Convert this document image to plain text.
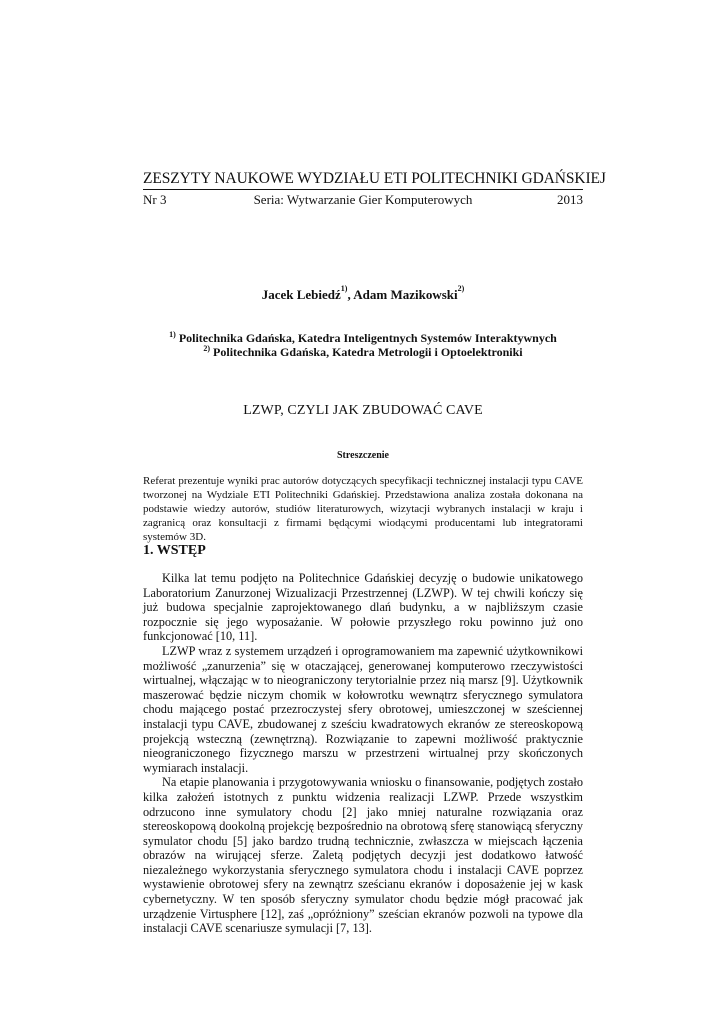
ZESZYTY NAUKOWE WYDZIAŁU ETI POLITECHNIKI GDAŃSKIEJ
Nr 3	Seria: Wytwarzanie Gier Komputerowych	2013
Jacek Lebiedź$^{1)}$, Adam Mazikowski$^{2)}$
$^{1)}$ Politechnika Gdańska, Katedra Inteligentnych Systemów Interaktywnych
$^{2)}$ Politechnika Gdańska, Katedra Metrologii i Optoelektroniki
LZWP, CZYLI JAK ZBUDOWAĆ CAVE
Streszczenie

Referat prezentuje wyniki prac autorów dotyczących specyfikacji technicznej instalacji typu CAVE tworzonej na Wydziale ETI Politechniki Gdańskiej. Przedstawiona analiza została dokonana na podstawie wiedzy autorów, studiów literaturowych, wizytacji wybranych instalacji w kraju i zagranicą oraz konsultacji z firmami będącymi wiodącymi producentami lub integratorami systemów 3D.

1. WSTĘP

Kilka lat temu podjęto na Politechnice Gdańskiej decyzję o budowie unikatowego Laboratorium Zanurzonej Wizualizacji Przestrzennej (LZWP). W tej chwili kończy się już budowa specjalnie zaprojektowanego dlań budynku, a w najbliższym czasie rozpocznie się jego wyposażanie. W połowie przyszłego roku powinno już ono funkcjonować [10, 11].

LZWP wraz z systemem urządzeń i oprogramowaniem ma zapewnić użytkownikowi możliwość „zanurzenia” się w otaczającej, generowanej komputerowo rzeczywistości wirtualnej, włączając w to nieograniczony terytorialnie przez nią marsz [9]. Użytkownik maszerować będzie niczym chomik w kołowrotku wewnątrz sferycznego symulatora chodu mającego postać przezroczystej sfery obrotowej, umieszczonej w sześciennej instalacji typu CAVE, zbudowanej z sześciu kwadratowych ekranów ze stereoskopową projekcją wsteczną (zewnętrzną). Rozwiązanie to zapewni możliwość praktycznie nieograniczonego fizycznego marszu w przestrzeni wirtualnej przy skończonych wymiarach instalacji.

Na etapie planowania i przygotowywania wniosku o finansowanie, podjętych zostało kilka założeń istotnych z punktu widzenia realizacji LZWP. Przede wszystkim odrzucono inne symulatory chodu [2] jako mniej naturalne rozwiązania oraz stereoskopową dookolną projekcję bezpośrednio na obrotową sferę stanowiącą sferyczny symulator chodu [5] jako bardzo trudną technicznie, zwłaszcza w miejscach łączenia obrazów na wirującej sferze. Zaletą podjętych decyzji jest dodatkowo łatwość niezależnego wykorzystania sferycznego symulatora chodu i instalacji CAVE poprzez wystawienie obrotowej sfery na zewnątrz sześcianu ekranów i doposażenie jej w kask cybernetyczny. W ten sposób sferyczny symulator chodu będzie mógł pracować jak urządzenie Virtusphere [12], zaś „opróżniony” sześcian ekranów pozwoli na typowe dla instalacji CAVE scenariusze symulacji [7, 13].
